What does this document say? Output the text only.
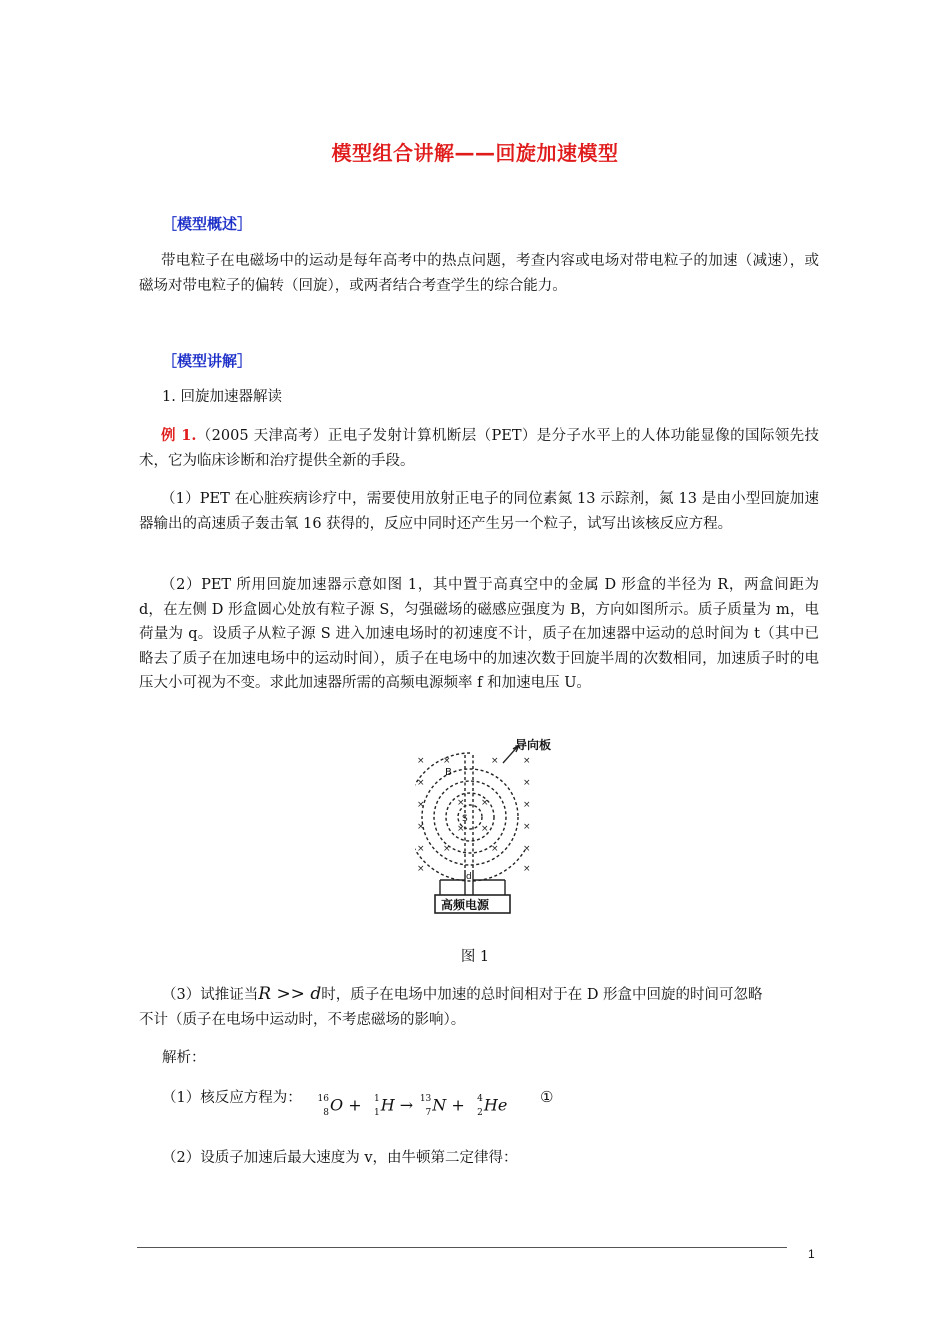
模型组合讲解——回旋加速模型
［模型概述］
带电粒子在电磁场中的运动是每年高考中的热点问题，考查内容或电场对带电粒子的加速（减速），或磁场对带电粒子的偏转（回旋），或两者结合考查学生的综合能力。
［模型讲解］
1. 回旋加速器解读
例 1.（2005 天津高考）正电子发射计算机断层（PET）是分子水平上的人体功能显像的国际领先技术，它为临床诊断和治疗提供全新的手段。
（1）PET 在心脏疾病诊疗中，需要使用放射正电子的同位素氮 13 示踪剂，氮 13 是由小型回旋加速器输出的高速质子轰击氧 16 获得的，反应中同时还产生另一个粒子，试写出该核反应方程。
（2）PET 所用回旋加速器示意如图 1，其中置于高真空中的金属 D 形盒的半径为 R，两盒间距为 d，在左侧 D 形盒圆心处放有粒子源 S，匀强磁场的磁感应强度为 B，方向如图所示。质子质量为 m，电荷量为 q。设质子从粒子源 S 进入加速电场时的初速度不计，质子在加速器中运动的总时间为 t（其中已略去了质子在加速电场中的运动时间），质子在电场中的加速次数于回旋半周的次数相同，加速质子时的电压大小可视为不变。求此加速器所需的高频电源频率 f 和加速电压 U。
×
×
×
×
×
×
×
×
×
×
×
×
×	×
×	×
× ×
× ×
导向板
B
S
d
高频电源
图 1
（3）试推证当R >> d时，质子在电场中加速的总时间相对于在 D 形盒中回旋的时间可忽略
不计（质子在电场中运动时，不考虑磁场的影响）。
解析：
（1）核反应方程为： 16
8 O + 1
1 H → 13
7 N + 4
2 He ①
（2）设质子加速后最大速度为 v，由牛顿第二定律得：
1
